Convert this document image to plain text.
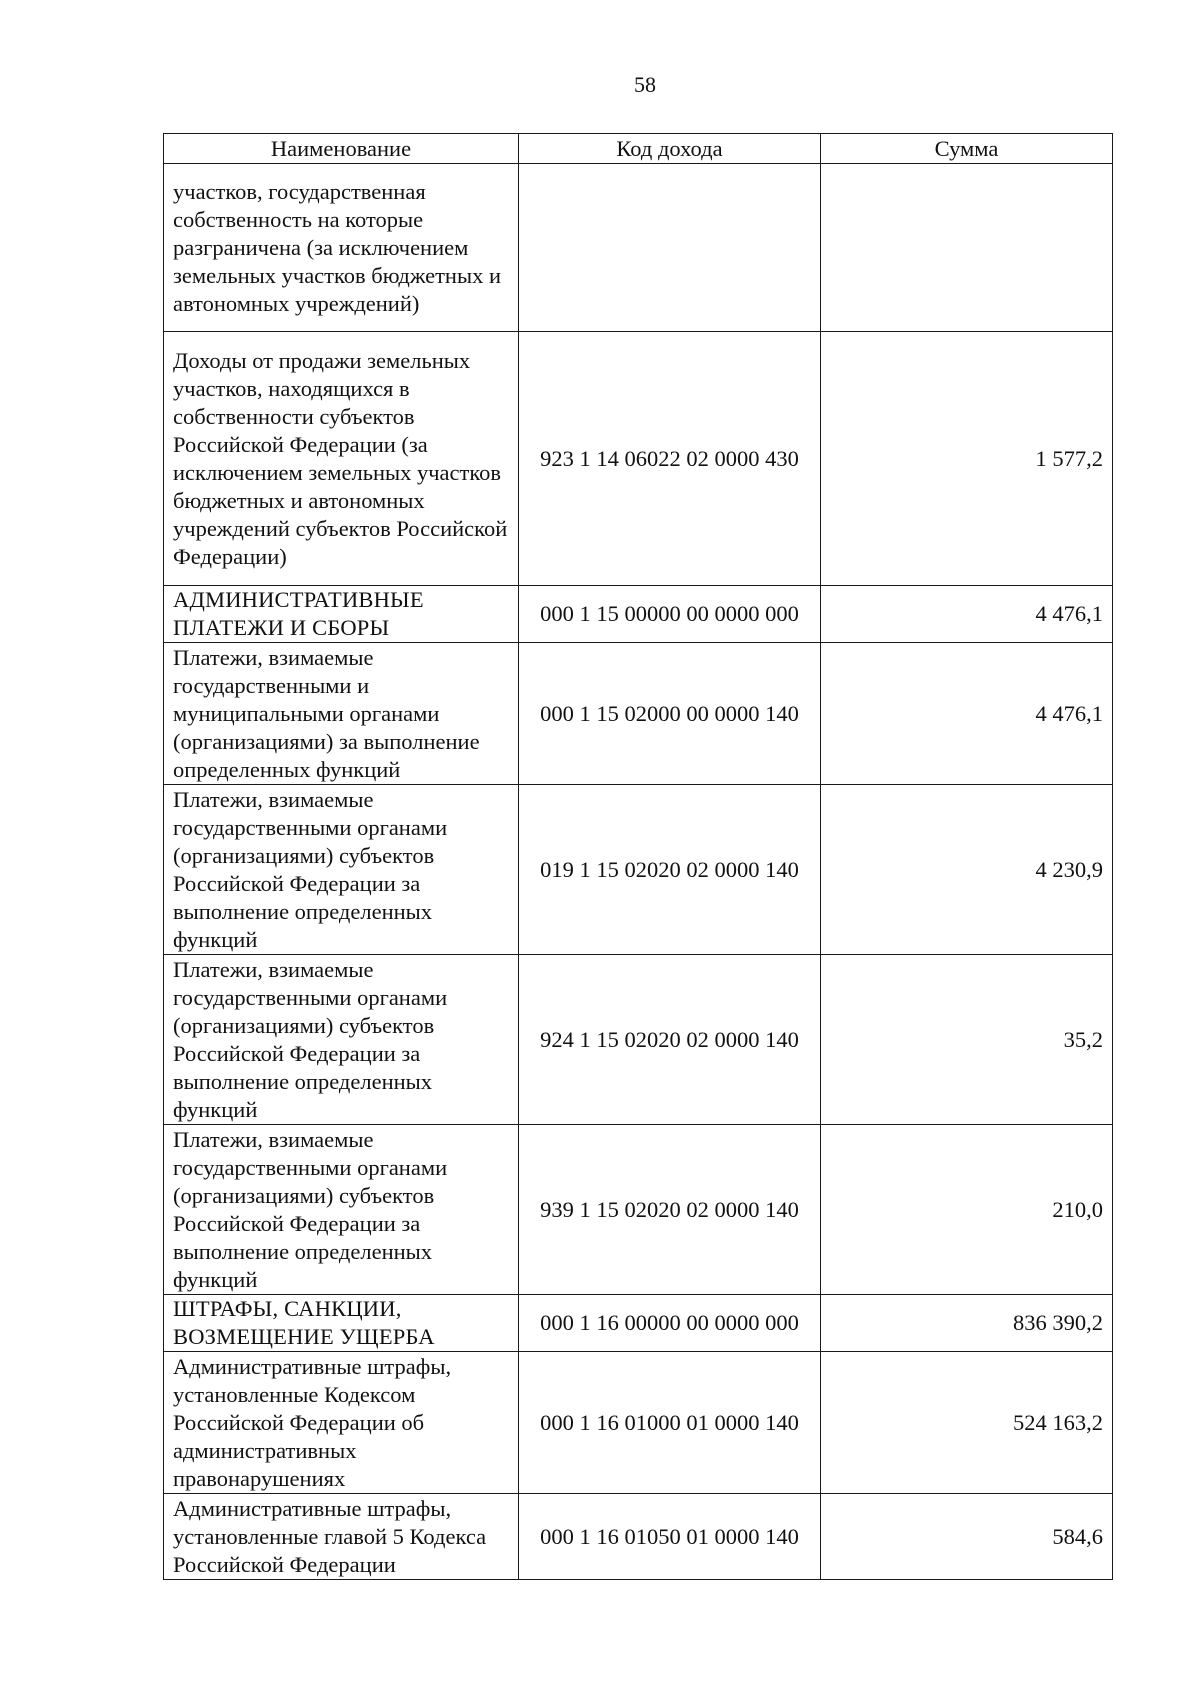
58
Наименование	Код дохода	Сумма
участков, государственная собственность на которые разграничена (за исключением земельных участков бюджетных и автономных учреждений)		
Доходы от продажи земельных участков, находящихся в собственности субъектов Российской Федерации (за исключением земельных участков бюджетных и автономных учреждений субъектов Российской Федерации)	923 1 14 06022 02 0000 430	1 577,2
АДМИНИСТРАТИВНЫЕ ПЛАТЕЖИ И СБОРЫ	000 1 15 00000 00 0000 000	4 476,1
Платежи, взимаемые государственными и муниципальными органами (организациями) за выполнение определенных функций	000 1 15 02000 00 0000 140	4 476,1
Платежи, взимаемые государственными органами (организациями) субъектов Российской Федерации за выполнение определенных функций	019 1 15 02020 02 0000 140	4 230,9
Платежи, взимаемые государственными органами (организациями) субъектов Российской Федерации за выполнение определенных функций	924 1 15 02020 02 0000 140	35,2
Платежи, взимаемые государственными органами (организациями) субъектов Российской Федерации за выполнение определенных функций	939 1 15 02020 02 0000 140	210,0
ШТРАФЫ, САНКЦИИ, ВОЗМЕЩЕНИЕ УЩЕРБА	000 1 16 00000 00 0000 000	836 390,2
Административные штрафы, установленные Кодексом Российской Федерации об административных правонарушениях	000 1 16 01000 01 0000 140	524 163,2
Административные штрафы, установленные главой 5 Кодекса Российской Федерации	000 1 16 01050 01 0000 140	584,6
